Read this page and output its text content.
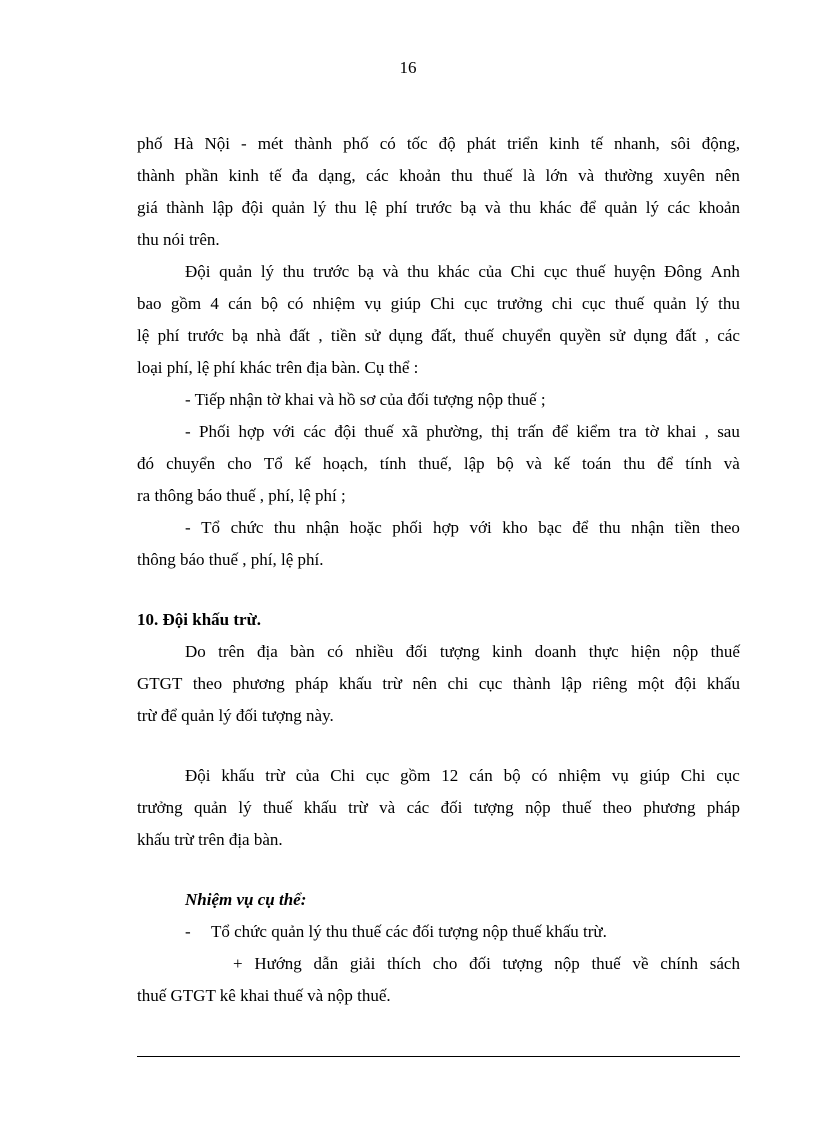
16
phố Hà Nội - mét thành phố có tốc độ phát triển kinh tế nhanh, sôi động,
thành phần kinh tế đa dạng, các khoản thu thuế là lớn và thường xuyên nên
giá thành lập đội quản lý thu lệ phí trước bạ và thu khác để quản lý các khoản
thu nói trên.
Đội quản lý thu trước bạ và thu khác của Chi cục thuế huyện Đông Anh
bao gồm 4 cán bộ có nhiệm vụ giúp Chi cục trưởng chi cục thuế quản lý thu
lệ phí trước bạ nhà đất , tiền sử dụng đất, thuế chuyển quyền sử dụng đất , các
loại phí, lệ phí khác trên địa bàn. Cụ thể :
- Tiếp nhận tờ khai và hồ sơ của đối tượng nộp thuế ;
- Phối hợp với các đội thuế xã phường, thị trấn để kiểm tra tờ khai , sau
đó chuyển cho Tổ kế hoạch, tính thuế, lập bộ và kế toán thu để tính và
ra thông báo thuế , phí, lệ phí ;
- Tổ chức thu nhận hoặc phối hợp với kho bạc để thu nhận tiền theo
thông báo thuế , phí, lệ phí.
10. Đội khấu trừ.
Do trên địa bàn có nhiều đối tượng kinh doanh thực hiện nộp thuế
GTGT theo phương pháp khấu trừ nên chi cục thành lập riêng một đội khấu
trừ để quản lý đối tượng này.
Đội khấu trừ của Chi cục gồm 12 cán bộ có nhiệm vụ giúp Chi cục
trưởng quản lý thuế khấu trừ và các đối tượng nộp thuế theo phương pháp
khấu trừ trên địa bàn.
Nhiệm vụ cụ thể:
- Tổ chức quản lý thu thuế các đối tượng nộp thuế khấu trừ.
+ Hướng dẫn giải thích cho đối tượng nộp thuế về chính sách
thuế GTGT kê khai thuế và nộp thuế.
